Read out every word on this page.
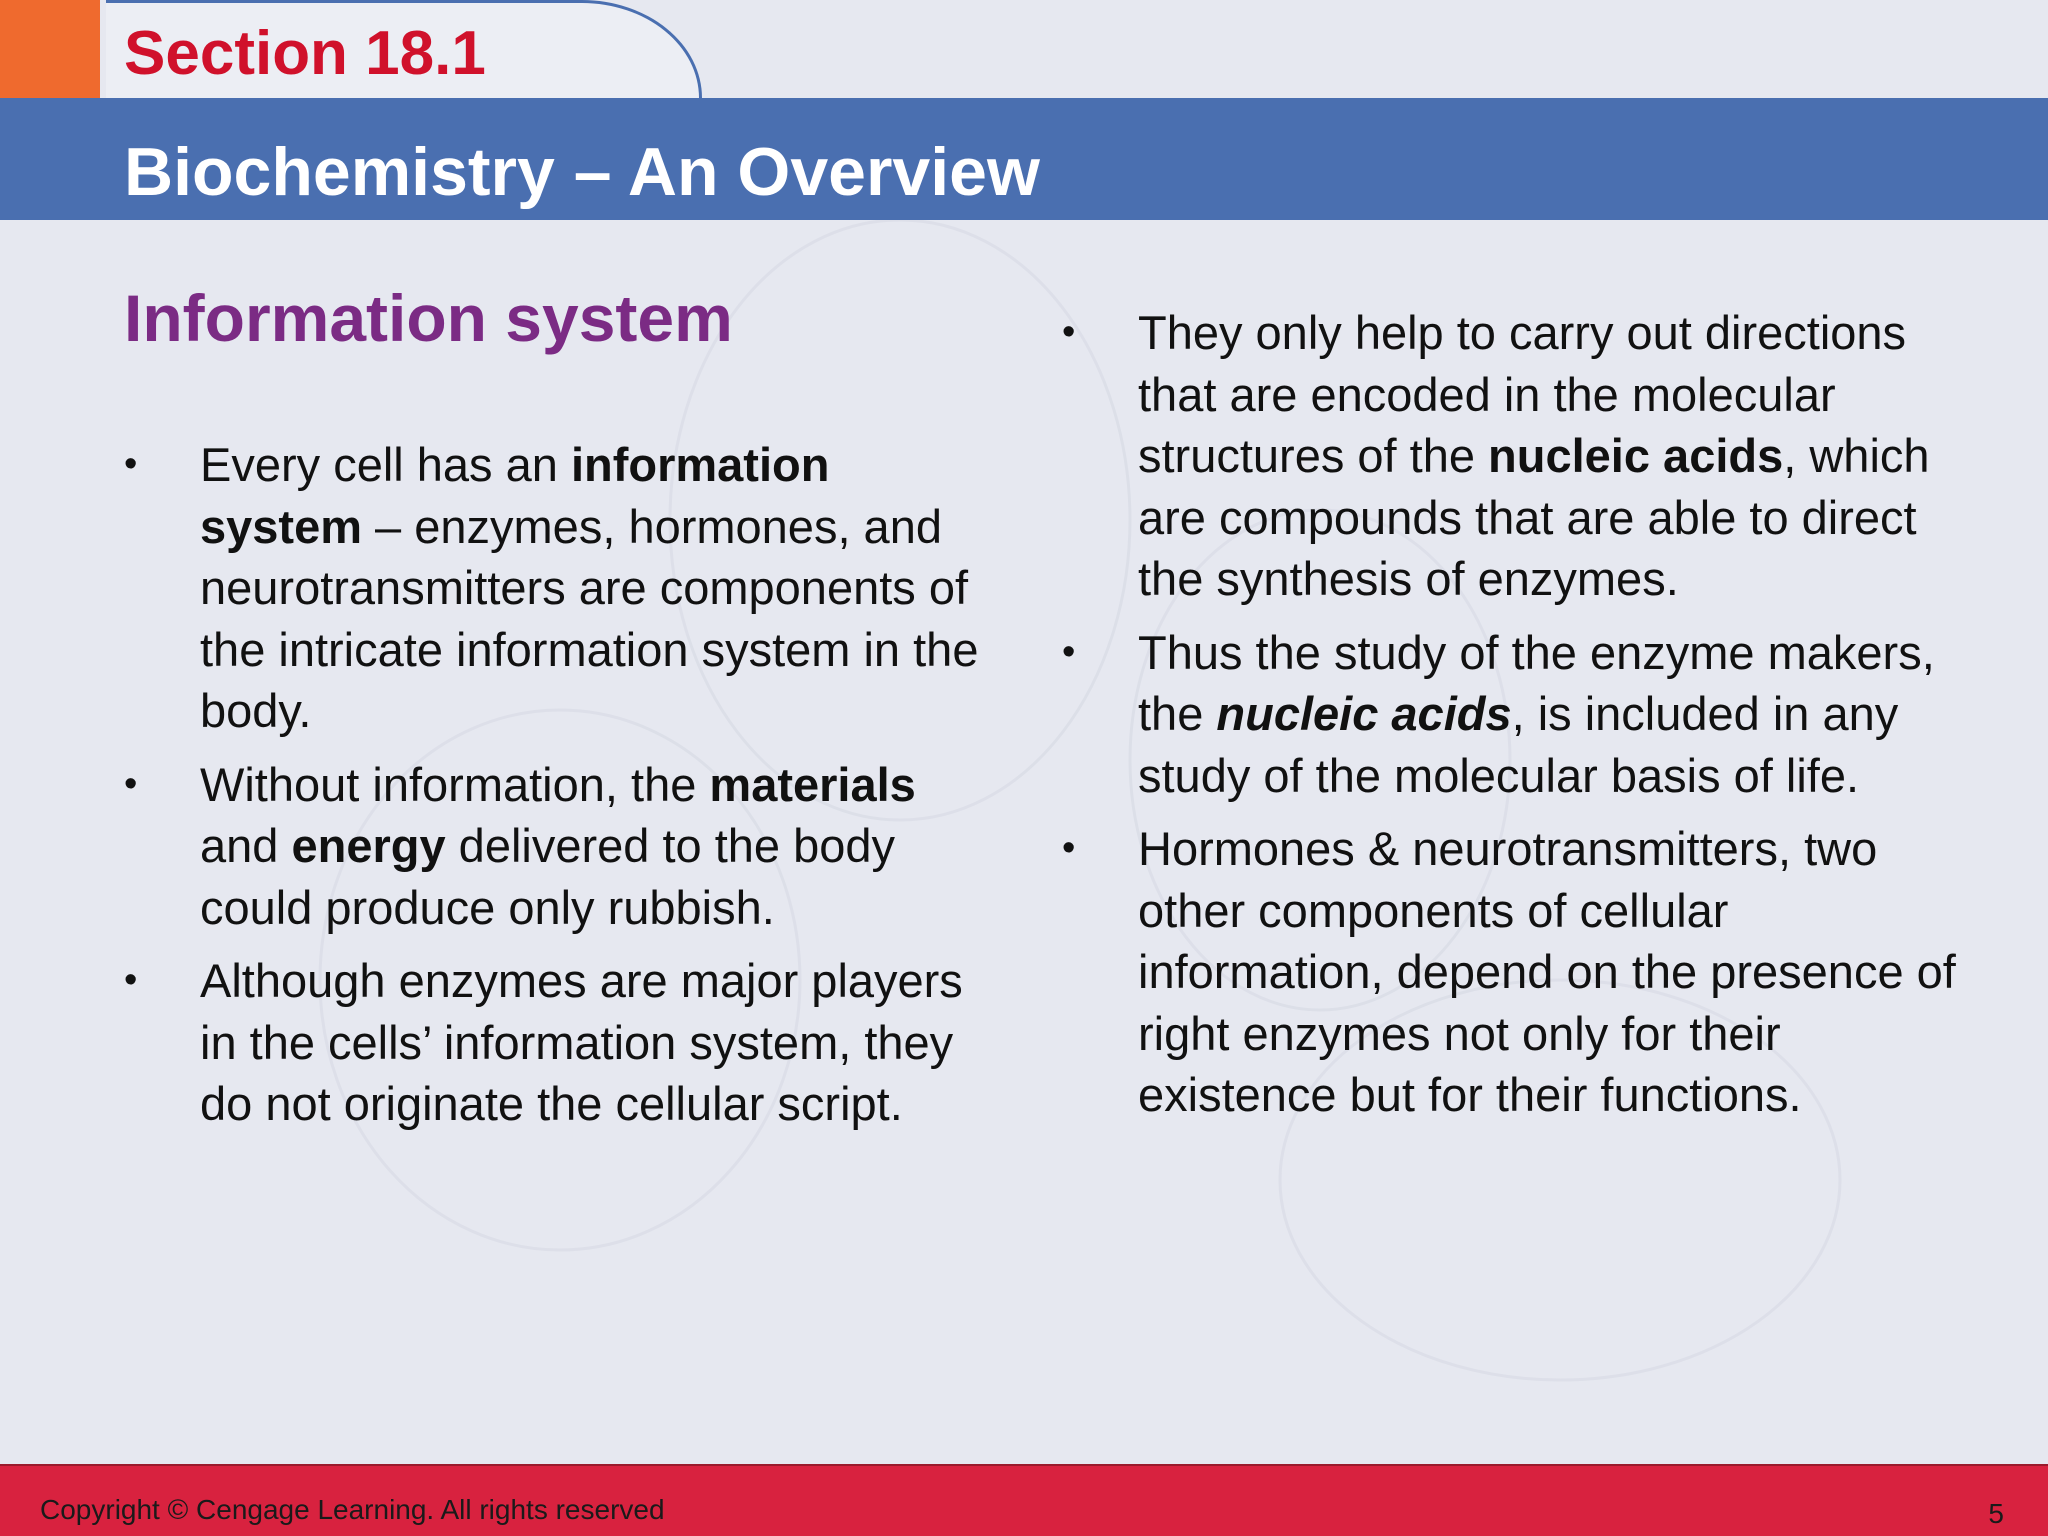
Section 18.1
Biochemistry – An Overview
Information system
•	Every cell has an information system – enzymes, hormones, and neurotransmitters are components of the intricate information system in the body.
•	Without information, the materials and energy delivered to the body could produce only rubbish.
•	Although enzymes are major players in the cells’ information system, they do not originate the cellular script.
•	They only help to carry out directions that are encoded in the molecular structures of the nucleic acids, which are compounds that are able to direct the synthesis of enzymes.
•	Thus the study of the enzyme makers, the nucleic acids, is included in any study of the molecular basis of life.
•	Hormones & neurotransmitters, two other components of cellular information, depend on the presence of right enzymes not only for their existence but for their functions.
Copyright © Cengage Learning. All rights reserved	5
